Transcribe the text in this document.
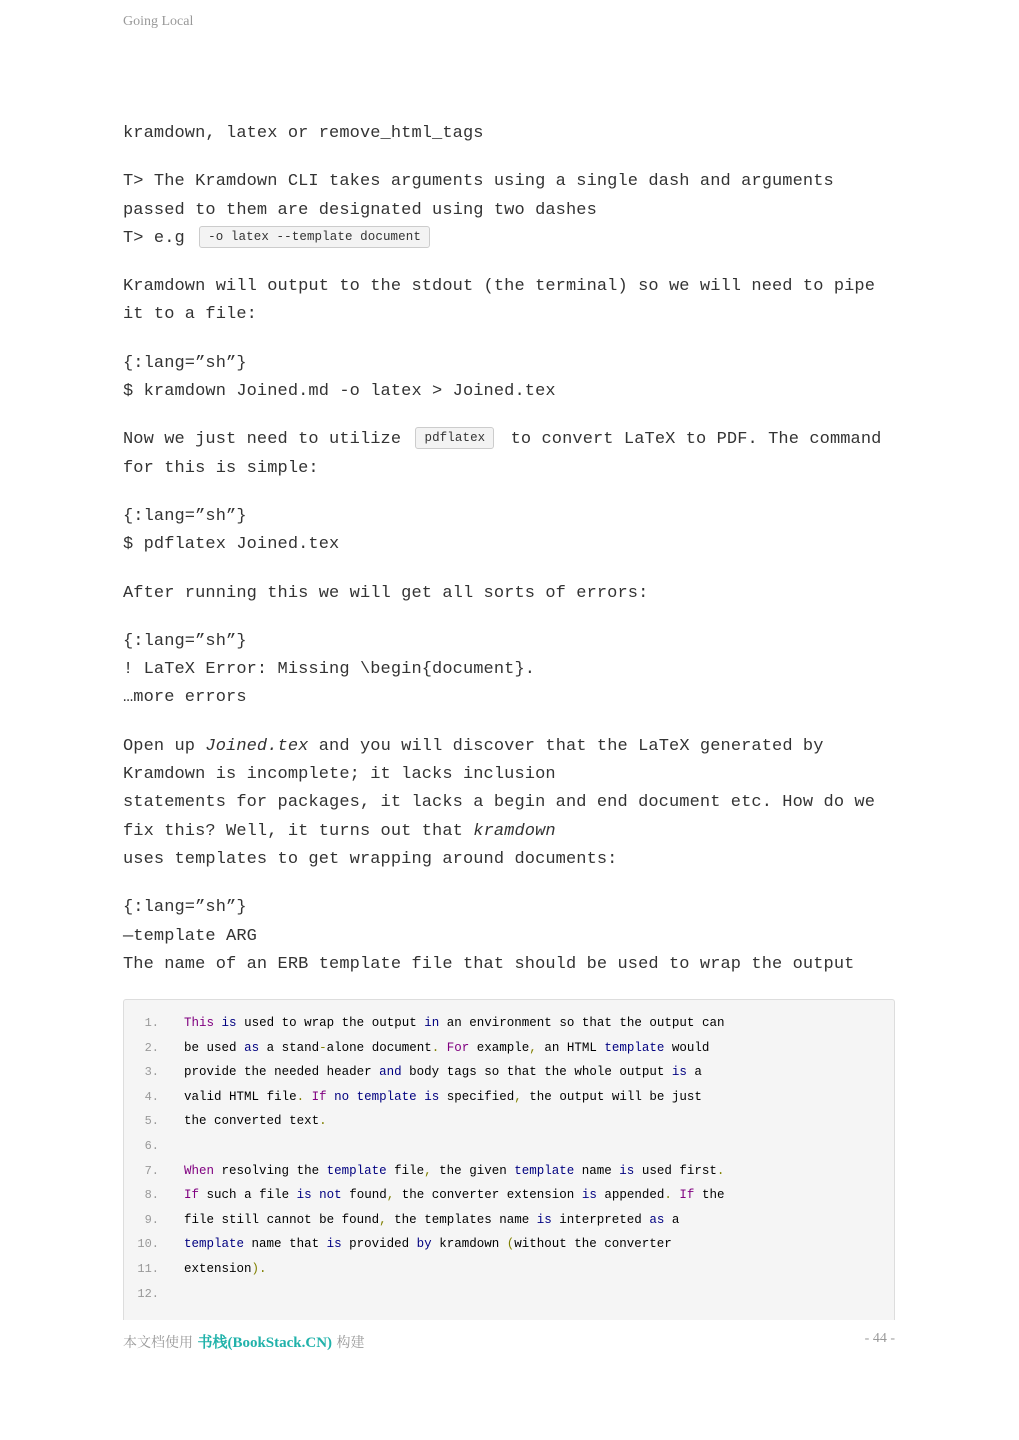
Going Local
kramdown, latex or remove_html_tags
T> The Kramdown CLI takes arguments using a single dash and arguments
passed to them are designated using two dashes
T> e.g -o latex --template document
Kramdown will output to the stdout (the terminal) so we will need to pipe
it to a file:
{:lang=”sh”}
$ kramdown Joined.md -o latex > Joined.tex
Now we just need to utilize pdflatex to convert LaTeX to PDF. The command
for this is simple:
{:lang=”sh”}
$ pdflatex Joined.tex
After running this we will get all sorts of errors:
{:lang=”sh”}
! LaTeX Error: Missing \begin{document}.
…more errors
Open up Joined.tex and you will discover that the LaTeX generated by
Kramdown is incomplete; it lacks inclusion
statements for packages, it lacks a begin and end document etc. How do we
fix this? Well, it turns out that kramdown
uses templates to get wrapping around documents:
{:lang=”sh”}
—template ARG
The name of an ERB template file that should be used to wrap the output
1. This is used to wrap the output in an environment so that the output can
2. be used as a stand-alone document. For example, an HTML template would
3. provide the needed header and body tags so that the whole output is a
4. valid HTML file. If no template is specified, the output will be just
5. the converted text.
6.
7. When resolving the template file, the given template name is used first.
8. If such a file is not found, the converter extension is appended. If the
9. file still cannot be found, the templates name is interpreted as a
10. template name that is provided by kramdown (without the converter
11. extension).
12.
本文档使用 书栈(BookStack.CN) 构建	- 44 -
